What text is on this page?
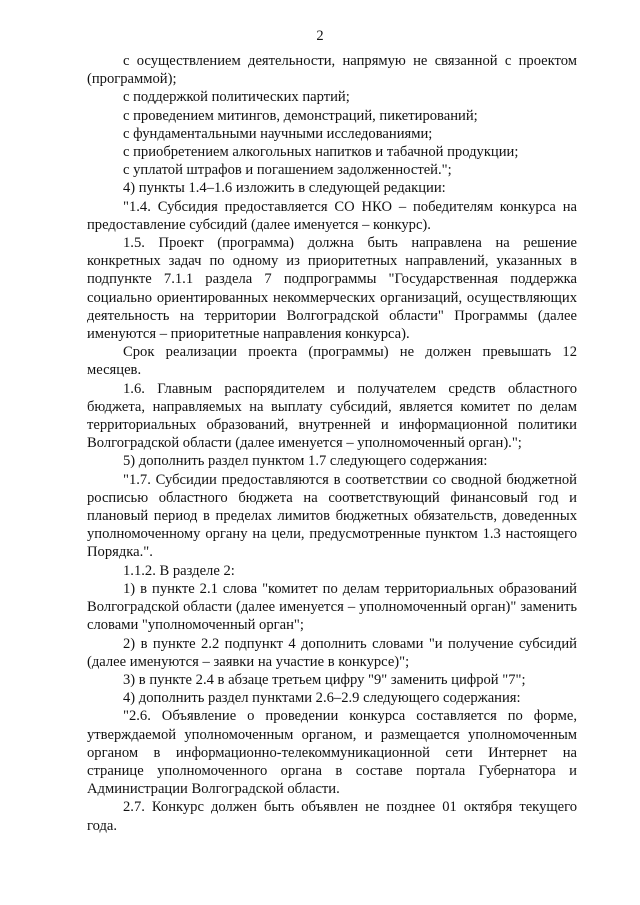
2

с осуществлением деятельности, напрямую не связанной с проектом (программой);

с поддержкой политических партий;

с проведением митингов, демонстраций, пикетирований;

с фундаментальными научными исследованиями;

с приобретением алкогольных напитков и табачной продукции;

с уплатой штрафов и погашением задолженностей.";

4) пункты 1.4–1.6 изложить в следующей редакции:

"1.4. Субсидия предоставляется СО НКО – победителям конкурса на предоставление субсидий (далее именуется – конкурс).

1.5. Проект (программа) должна быть направлена на решение конкретных задач по одному из приоритетных направлений, указанных в подпункте 7.1.1 раздела 7 подпрограммы "Государственная поддержка социально ориентированных некоммерческих организаций, осуществляющих деятельность на территории Волгоградской области" Программы (далее именуются – приоритетные направления конкурса).

Срок реализации проекта (программы) не должен превышать 12 месяцев.

1.6. Главным распорядителем и получателем средств областного бюджета, направляемых на выплату субсидий, является комитет по делам территориальных образований, внутренней и информационной политики Волгоградской области (далее именуется – уполномоченный орган).";

5) дополнить раздел пунктом 1.7 следующего содержания:

"1.7. Субсидии предоставляются в соответствии со сводной бюджетной росписью областного бюджета на соответствующий финансовый год и плановый период в пределах лимитов бюджетных обязательств, доведенных уполномоченному органу на цели, предусмотренные пунктом 1.3 настоящего Порядка.".

1.1.2. В разделе 2:

1) в пункте 2.1 слова "комитет по делам территориальных образований Волгоградской области (далее именуется – уполномоченный орган)" заменить словами "уполномоченный орган";

2) в пункте 2.2 подпункт 4 дополнить словами "и получение субсидий (далее именуются – заявки на участие в конкурсе)";

3) в пункте 2.4 в абзаце третьем цифру "9" заменить цифрой "7";

4) дополнить раздел пунктами 2.6–2.9 следующего содержания:

"2.6. Объявление о проведении конкурса составляется по форме, утверждаемой уполномоченным органом, и размещается уполномоченным органом в информационно-телекоммуникационной сети Интернет на странице уполномоченного органа в составе портала Губернатора и Администрации Волгоградской области.

2.7. Конкурс должен быть объявлен не позднее 01 октября текущего года.
